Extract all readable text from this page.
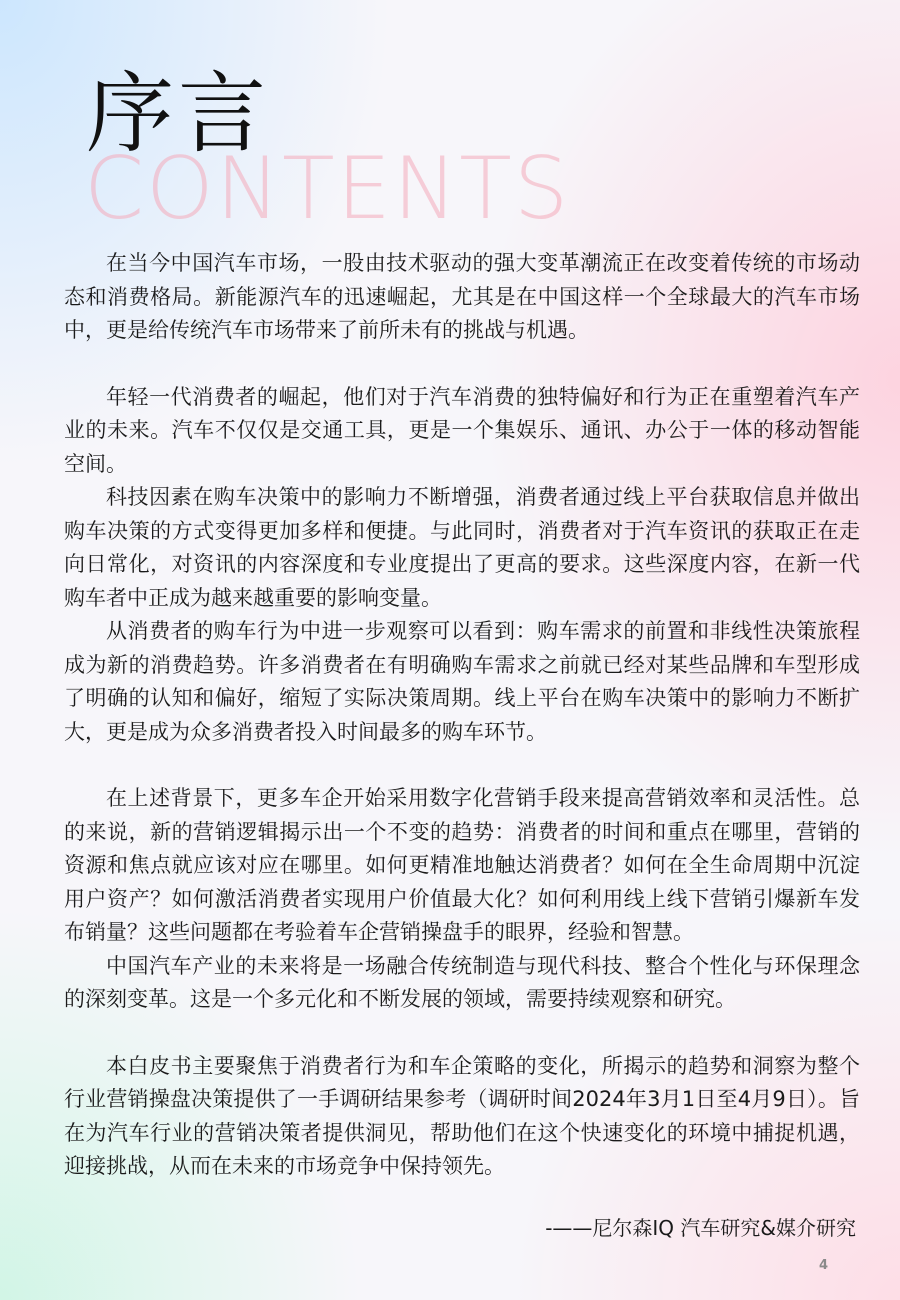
CONTENTS
序言

在当今中国汽车市场，一股由技术驱动的强大变革潮流正在改变着传统的市场动态和消费格局。新能源汽车的迅速崛起，尤其是在中国这样一个全球最大的汽车市场中，更是给传统汽车市场带来了前所未有的挑战与机遇。

年轻一代消费者的崛起，他们对于汽车消费的独特偏好和行为正在重塑着汽车产业的未来。汽车不仅仅是交通工具，更是一个集娱乐、通讯、办公于一体的移动智能空间。

科技因素在购车决策中的影响力不断增强，消费者通过线上平台获取信息并做出购车决策的方式变得更加多样和便捷。与此同时，消费者对于汽车资讯的获取正在走向日常化，对资讯的内容深度和专业度提出了更高的要求。这些深度内容，在新一代购车者中正成为越来越重要的影响变量。

从消费者的购车行为中进一步观察可以看到：购车需求的前置和非线性决策旅程成为新的消费趋势。许多消费者在有明确购车需求之前就已经对某些品牌和车型形成了明确的认知和偏好，缩短了实际决策周期。线上平台在购车决策中的影响力不断扩大，更是成为众多消费者投入时间最多的购车环节。

在上述背景下，更多车企开始采用数字化营销手段来提高营销效率和灵活性。总的来说，新的营销逻辑揭示出一个不变的趋势：消费者的时间和重点在哪里，营销的资源和焦点就应该对应在哪里。如何更精准地触达消费者？如何在全生命周期中沉淀用户资产？如何激活消费者实现用户价值最大化？如何利用线上线下营销引爆新车发布销量？这些问题都在考验着车企营销操盘手的眼界，经验和智慧。

中国汽车产业的未来将是一场融合传统制造与现代科技、整合个性化与环保理念的深刻变革。这是一个多元化和不断发展的领域，需要持续观察和研究。

本白皮书主要聚焦于消费者行为和车企策略的变化，所揭示的趋势和洞察为整个行业营销操盘决策提供了一手调研结果参考（调研时间2024年3月1日至4月9日）。旨在为汽车行业的营销决策者提供洞见，帮助他们在这个快速变化的环境中捕捉机遇，迎接挑战，从而在未来的市场竞争中保持领先。

-——尼尔森IQ 汽车研究&媒介研究
4
